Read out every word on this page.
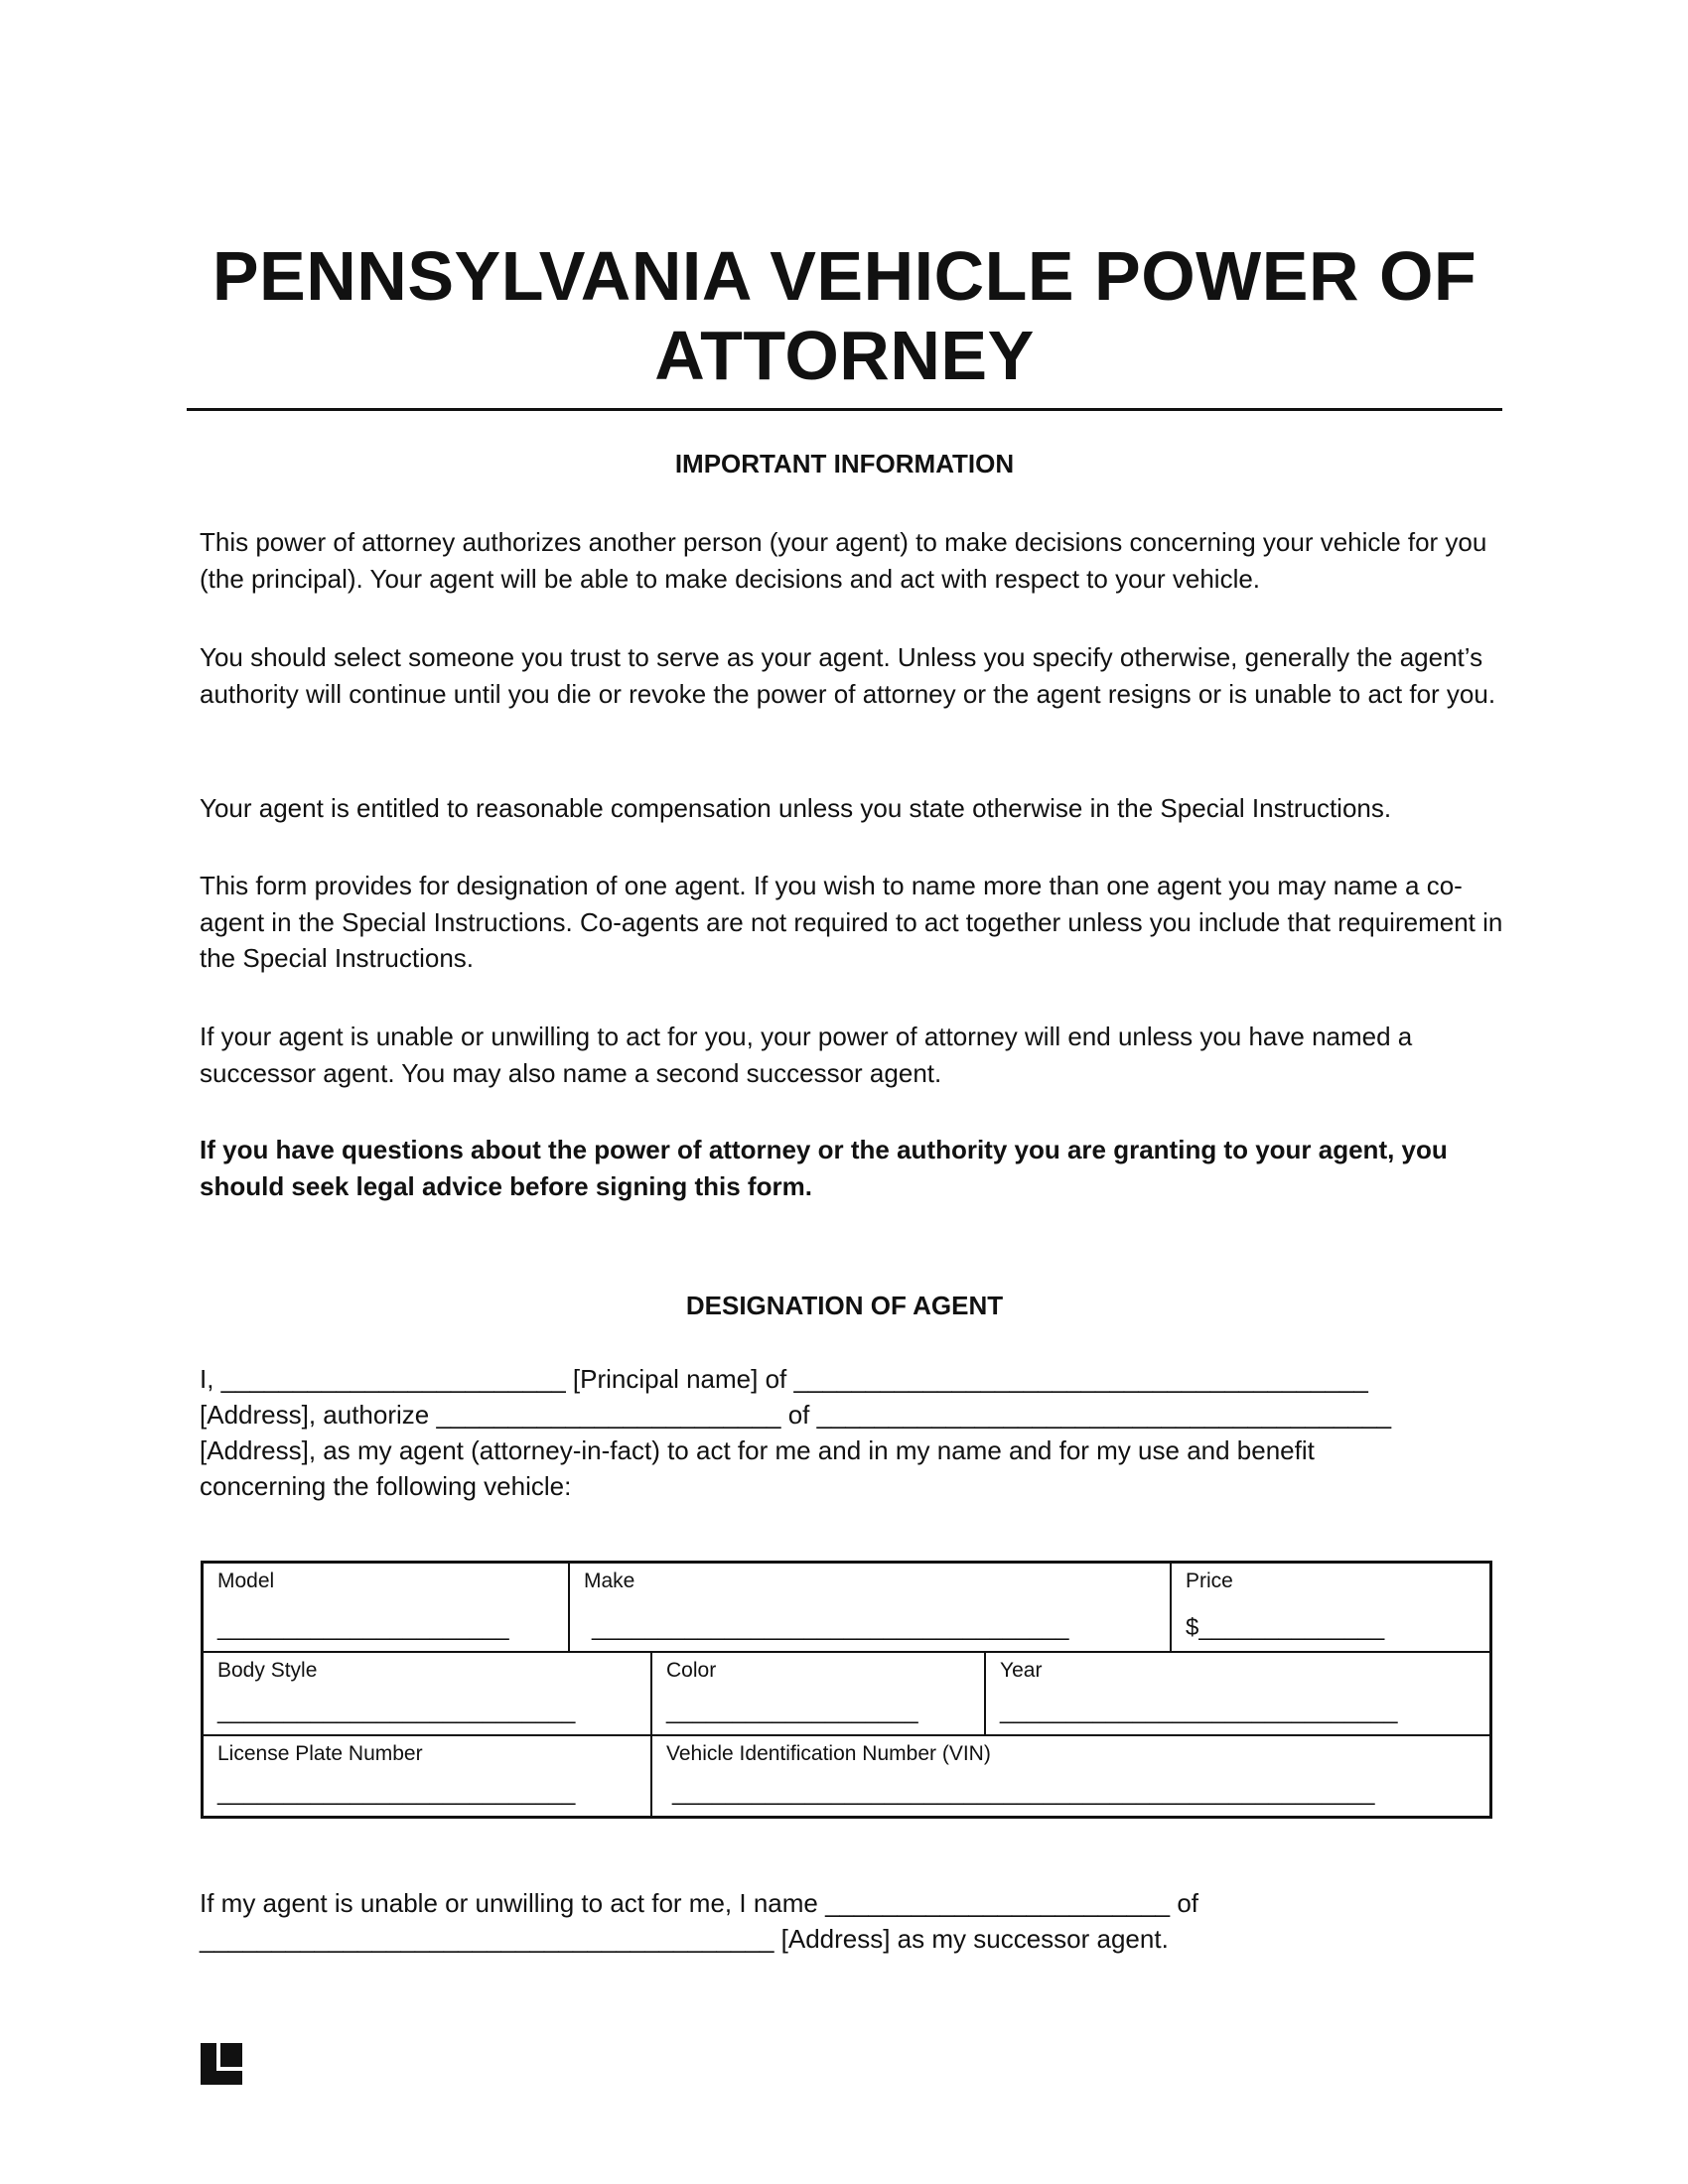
PENNSYLVANIA VEHICLE POWER OF ATTORNEY
IMPORTANT INFORMATION

This power of attorney authorizes another person (your agent) to make decisions concerning your vehicle for you (the principal). Your agent will be able to make decisions and act with respect to your vehicle.

You should select someone you trust to serve as your agent. Unless you specify otherwise, generally the agent’s authority will continue until you die or revoke the power of attorney or the agent resigns or is unable to act for you.

Your agent is entitled to reasonable compensation unless you state otherwise in the Special Instructions.

This form provides for designation of one agent. If you wish to name more than one agent you may name a co-agent in the Special Instructions. Co-agents are not required to act together unless you include that requirement in the Special Instructions.

If your agent is unable or unwilling to act for you, your power of attorney will end unless you have named a successor agent. You may also name a second successor agent.

If you have questions about the power of attorney or the authority you are granting to your agent, you should seek legal advice before signing this form.

DESIGNATION OF AGENT

I, ________________________ [Principal name] of ________________________________________

[Address], authorize ________________________ of ________________________________________

[Address], as my agent (attorney-in-fact) to act for me and in my name and for my use and benefit

concerning the following vehicle:

Model
______________________
Make
____________________________________
Price
$______________
Body Style
___________________________
Color
___________________
Year
______________________________
License Plate Number
___________________________
Vehicle Identification Number (VIN)
_____________________________________________________

If my agent is unable or unwilling to act for me, I name ________________________ of

________________________________________ [Address] as my successor agent.
